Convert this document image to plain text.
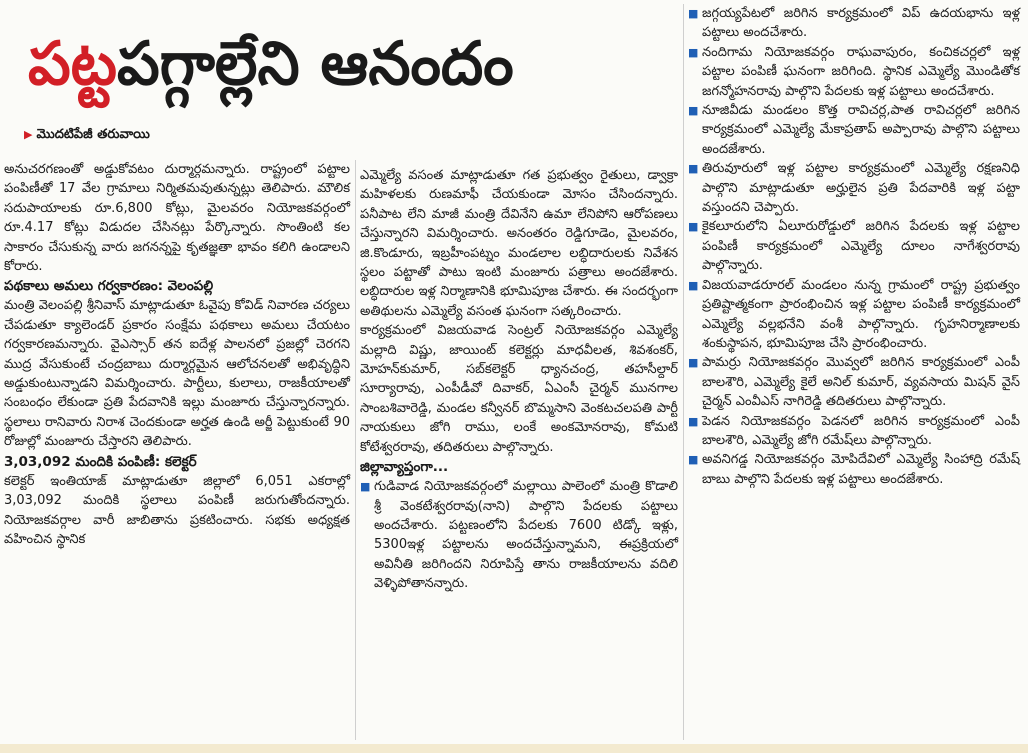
పట్టపగ్గాల్లేని ఆనందం
▶ మొదటిపేజీ తరువాయి

అనుచరగణంతో అడ్డుకోవటం దుర్మార్గమన్నారు. రాష్ట్రంలో పట్టాల పంపిణీతో 17 వేల గ్రామాలు నిర్మితమవుతున్నట్లు తెలిపారు. మౌలిక సదుపాయాలకు రూ.6,800 కోట్లు, మైలవరం నియోజకవర్గంలో రూ.4.17 కోట్లు విడుదల చేసినట్లు పేర్కొన్నారు. సొంతింటి కల సాకారం చేసుకున్న వారు జగనన్నపై కృతజ్ఞతా భావం కలిగి ఉండాలని కోరారు.

పథకాలు అమలు గర్వకారణం: వెలంపల్లి

మంత్రి వెలంపల్లి శ్రీనివాస్ మాట్లాడుతూ ఓవైపు కోవిడ్ నివారణ చర్యలు చేపడుతూ క్యాలెండర్ ప్రకారం సంక్షేమ పథకాలు అమలు చేయటం గర్వకారణమన్నారు. వైఎస్సార్ తన ఐదేళ్ల పాలనలో ప్రజల్లో చెరగని ముద్ర వేసుకుంటే చంద్రబాబు దుర్మార్గమైన ఆలోచనలతో అభివృద్ధిని అడ్డుకుంటున్నాడని విమర్శించారు. పార్టీలు, కులాలు, రాజకీయాలతో సంబంధం లేకుండా ప్రతి పేదవానికి ఇల్లు మంజూరు చేస్తున్నారన్నారు. స్థలాలు రానివారు నిరాశ చెందకుండా అర్హత ఉండి అర్జీ పెట్టుకుంటే 90 రోజుల్లో మంజూరు చేస్తారని తెలిపారు.

3,03,092 మందికి పంపిణీ: కలెక్టర్

కలెక్టర్ ఇంతియాజ్ మాట్లాడుతూ జిల్లాలో 6,051 ఎకరాల్లో 3,03,092 మందికి స్థలాలు పంపిణీ జరుగుతోందన్నారు. నియోజకవర్గాల వారీ జాబితాను ప్రకటించారు. సభకు అధ్యక్షత వహించిన స్థానిక

ఎమ్మెల్యే వసంత మాట్లాడుతూ గత ప్రభుత్వం రైతులు, డ్వాక్రా మహిళలకు రుణమాఫీ చేయకుండా మోసం చేసిందన్నారు. పనీపాట లేని మాజీ మంత్రి దేవినేని ఉమా లేనిపోని ఆరోపణలు చేస్తున్నారని విమర్శించారు. అనంతరం రెడ్డిగూడెం, మైలవరం, జి.కొండూరు, ఇబ్రహీంపట్నం మండలాల లబ్ధిదారులకు నివేశన స్థలం పట్టాతో పాటు ఇంటి మంజూరు పత్రాలు అందజేశారు. లబ్ధిదారుల ఇళ్ల నిర్మాణానికి భూమిపూజ చేశారు. ఈ సందర్భంగా అతిథులను ఎమ్మెల్యే వసంత ఘనంగా సత్కరించారు.

కార్యక్రమంలో విజయవాడ సెంట్రల్ నియోజకవర్గం ఎమ్మెల్యే మల్లాది విష్ణు, జాయింట్ కలెక్టర్లు మాధవీలత, శివశంకర్, మోహన్‌కుమార్, సబ్‌కలెక్టర్ ధ్యానచంద్ర, తహసీల్దార్ సూర్యారావు, ఎంపీడీవో దివాకర్, ఏఎంసీ చైర్మన్ మునగాల సాంబశివారెడ్డి, మండల కన్వీనర్ బొమ్మసాని వెంకటచలపతి పార్టీ నాయకులు జోగి రాము, లంకే అంకమోనరావు, కోమటి కోటేశ్వరరావు, తదితరులు పాల్గొన్నారు.

జిల్లావ్యాప్తంగా...

■ గుడివాడ నియోజకవర్గంలో మల్లాయి పాలెంలో మంత్రి కొడాలి శ్రీ వెంకటేశ్వరరావు(నాని) పాల్గొని పేదలకు పట్టాలు అందచేశారు. పట్టణంలోని పేదలకు 7600 టిడ్కో ఇళ్లు, 5300ఇళ్ల పట్టాలను అందచేస్తున్నామని, ఈప్రక్రియలో అవినీతి జరిగిందని నిరూపిస్తే తాను రాజకీయాలను వదిలి వెళ్ళిపోతానన్నారు.
■ జగ్గయ్యపేటలో జరిగిన కార్యక్రమంలో విప్ ఉదయభాను ఇళ్ల పట్టాలు అందచేశారు.
■ నందిగామ నియోజకవర్గం రాఘవాపురం, కంచికచర్లలో ఇళ్ల పట్టాల పంపిణీ ఘనంగా జరిగింది. స్థానిక ఎమ్మెల్యే మొండితోక జగన్మోహనరావు పాల్గొని పేదలకు ఇళ్ల పట్టాలు అందచేశారు.
■ నూజివీడు మండలం కొత్త రావిచర్ల,పాత రావిచర్లలో జరిగిన కార్యక్రమంలో ఎమ్మెల్యే మేకాప్రతాప్ అప్పారావు పాల్గొని పట్టాలు అందజేశారు.
■ తిరువూరులో ఇళ్ల పట్టాల కార్యక్రమంలో ఎమ్మెల్యే రక్షణనిధి పాల్గొని మాట్లాడుతూ అర్హులైన ప్రతి పేదవారికి ఇళ్ల పట్టా వస్తుందని చెప్పారు.
■ కైకలూరులోని ఏలూరురోడ్డులో జరిగిన పేదలకు ఇళ్ల పట్టాల పంపిణీ కార్యక్రమంలో ఎమ్మెల్యే దూలం నాగేశ్వరరావు పాల్గొన్నారు.
■ విజయవాడరూరల్ మండలం నున్న గ్రామంలో రాష్ట్ర ప్రభుత్వం ప్రతిష్టాత్మకంగా ప్రారంభించిన ఇళ్ల పట్టాల పంపిణీ కార్యక్రమంలో ఎమ్మెల్యే వల్లభనేని వంశీ పాల్గొన్నారు. గృహనిర్మాణాలకు శంకుస్థాపన, భూమిపూజ చేసి ప్రారంభించారు.
■ పామర్రు నియోజకవర్గం మొవ్వలో జరిగిన కార్యక్రమంలో ఎంపీ బాలశౌరి, ఎమ్మెల్యే కైలే అనిల్ కుమార్, వ్యవసాయ మిషన్ వైస్ చైర్మన్ ఎంవీఎస్ నాగిరెడ్డి తదితరులు పాల్గొన్నారు.
■ పెడన నియోజకవర్గం పెడనలో జరిగిన కార్యక్రమంలో ఎంపీ బాలశౌరి, ఎమ్మెల్యే జోగి రమేష్‌లు పాల్గొన్నారు.
■ అవనిగడ్డ నియోజకవర్గం మోపిదేవిలో ఎమ్మెల్యే సింహాద్రి రమేష్ బాబు పాల్గొని పేదలకు ఇళ్ల పట్టాలు అందజేశారు.
